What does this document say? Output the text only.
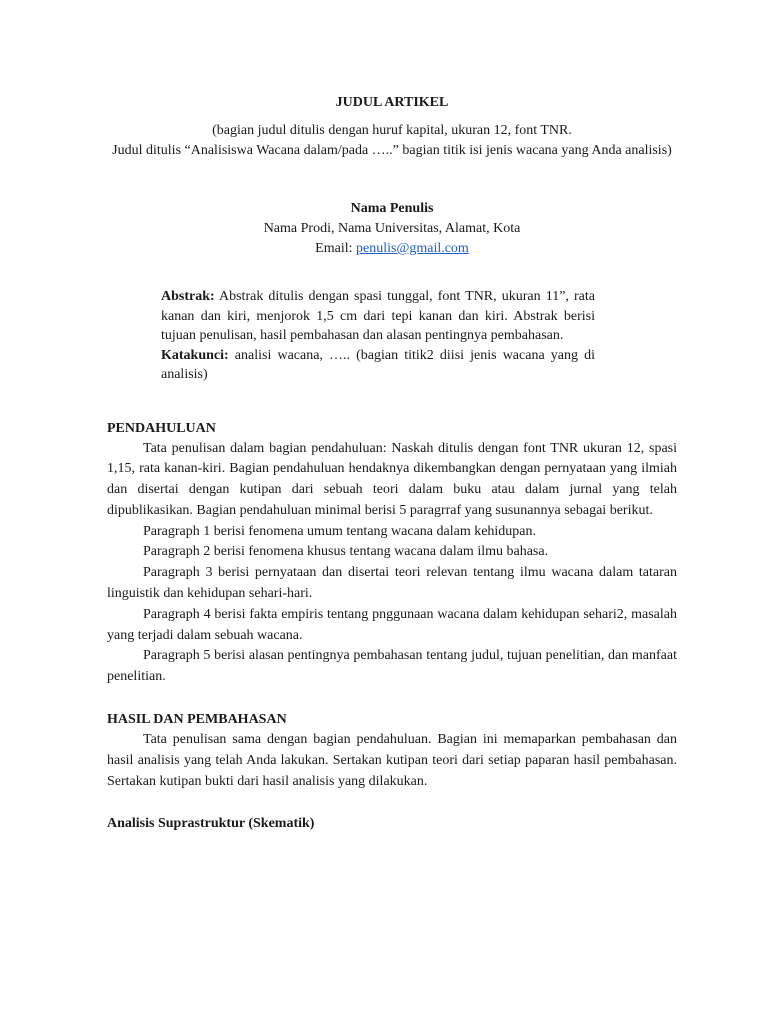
JUDUL ARTIKEL

(bagian judul ditulis dengan huruf kapital, ukuran 12, font TNR.
Judul ditulis “Analisiswa Wacana dalam/pada …..” bagian titik isi jenis wacana yang Anda analisis)
Nama Penulis
Nama Prodi, Nama Universitas, Alamat, Kota
Email: penulis@gmail.com

Abstrak: Abstrak ditulis dengan spasi tunggal, font TNR, ukuran 11”, rata kanan dan kiri, menjorok 1,5 cm dari tepi kanan dan kiri. Abstrak berisi tujuan penulisan, hasil pembahasan dan alasan pentingnya pembahasan.

Katakunci: analisi wacana, ….. (bagian titik2 diisi jenis wacana yang di analisis)

PENDAHULUAN

Tata penulisan dalam bagian pendahuluan: Naskah ditulis dengan font TNR ukuran 12, spasi 1,15, rata kanan-kiri. Bagian pendahuluan hendaknya dikembangkan dengan pernyataan yang ilmiah dan disertai dengan kutipan dari sebuah teori dalam buku atau dalam jurnal yang telah dipublikasikan. Bagian pendahuluan minimal berisi 5 paragrraf yang susunannya sebagai berikut.

Paragraph 1 berisi fenomena umum tentang wacana dalam kehidupan.

Paragraph 2 berisi fenomena khusus tentang wacana dalam ilmu bahasa.

Paragraph 3 berisi pernyataan dan disertai teori relevan tentang ilmu wacana dalam tataran linguistik dan kehidupan sehari-hari.

Paragraph 4 berisi fakta empiris tentang pnggunaan wacana dalam kehidupan sehari2, masalah yang terjadi dalam sebuah wacana.

Paragraph 5 berisi alasan pentingnya pembahasan tentang judul, tujuan penelitian, dan manfaat penelitian.

HASIL DAN PEMBAHASAN

Tata penulisan sama dengan bagian pendahuluan. Bagian ini memaparkan pembahasan dan hasil analisis yang telah Anda lakukan. Sertakan kutipan teori dari setiap paparan hasil pembahasan. Sertakan kutipan bukti dari hasil analisis yang dilakukan.

Analisis Suprastruktur (Skematik)
